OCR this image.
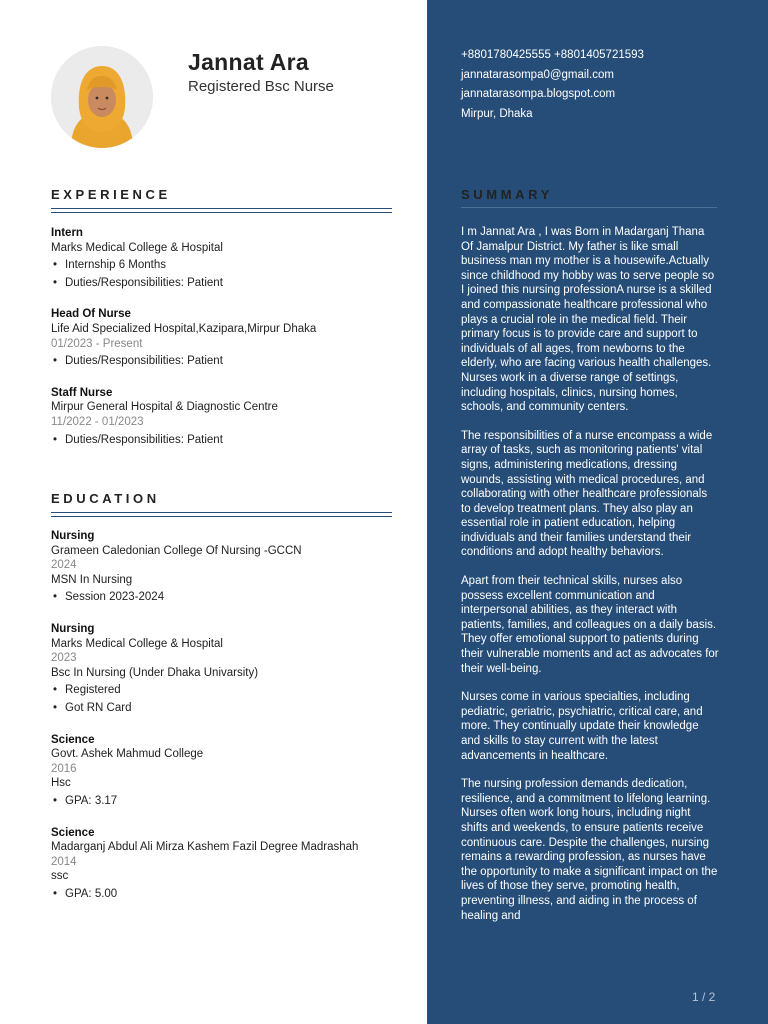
Jannat Ara
Registered Bsc Nurse
EXPERIENCE
Intern
Marks Medical College & Hospital
• Internship 6 Months
• Duties/Responsibilities: Patient
Head Of Nurse
Life Aid Specialized Hospital,Kazipara,Mirpur Dhaka
01/2023 - Present
• Duties/Responsibilities: Patient
Staff Nurse
Mirpur General Hospital & Diagnostic Centre
11/2022 - 01/2023
• Duties/Responsibilities: Patient
EDUCATION
Nursing
Grameen Caledonian College Of Nursing -GCCN
2024
MSN In Nursing
• Session 2023-2024
Nursing
Marks Medical College & Hospital
2023
Bsc In Nursing (Under Dhaka Univarsity)
• Registered
• Got RN Card
Science
Govt. Ashek Mahmud College
2016
Hsc
• GPA: 3.17
Science
Madarganj Abdul Ali Mirza Kashem Fazil Degree Madrashah
2014
ssc
• GPA: 5.00
+8801780425555 +8801405721593
jannatarasompa0@gmail.com
jannatarasompa.blogspot.com
Mirpur, Dhaka
SUMMARY

I m Jannat Ara , I was Born in Madarganj Thana Of Jamalpur District. My father is like small business man my mother is a housewife.Actually since childhood my hobby was to serve people so I joined this nursing professionA nurse is a skilled and compassionate healthcare professional who plays a crucial role in the medical field. Their primary focus is to provide care and support to individuals of all ages, from newborns to the elderly, who are facing various health challenges. Nurses work in a diverse range of settings, including hospitals, clinics, nursing homes, schools, and community centers.

The responsibilities of a nurse encompass a wide array of tasks, such as monitoring patients' vital signs, administering medications, dressing wounds, assisting with medical procedures, and collaborating with other healthcare professionals to develop treatment plans. They also play an essential role in patient education, helping individuals and their families understand their conditions and adopt healthy behaviors.

Apart from their technical skills, nurses also possess excellent communication and interpersonal abilities, as they interact with patients, families, and colleagues on a daily basis. They offer emotional support to patients during their vulnerable moments and act as advocates for their well-being.

Nurses come in various specialties, including pediatric, geriatric, psychiatric, critical care, and more. They continually update their knowledge and skills to stay current with the latest advancements in healthcare.

The nursing profession demands dedication, resilience, and a commitment to lifelong learning. Nurses often work long hours, including night shifts and weekends, to ensure patients receive continuous care. Despite the challenges, nursing remains a rewarding profession, as nurses have the opportunity to make a significant impact on the lives of those they serve, promoting health, preventing illness, and aiding in the process of healing and

1 / 2
